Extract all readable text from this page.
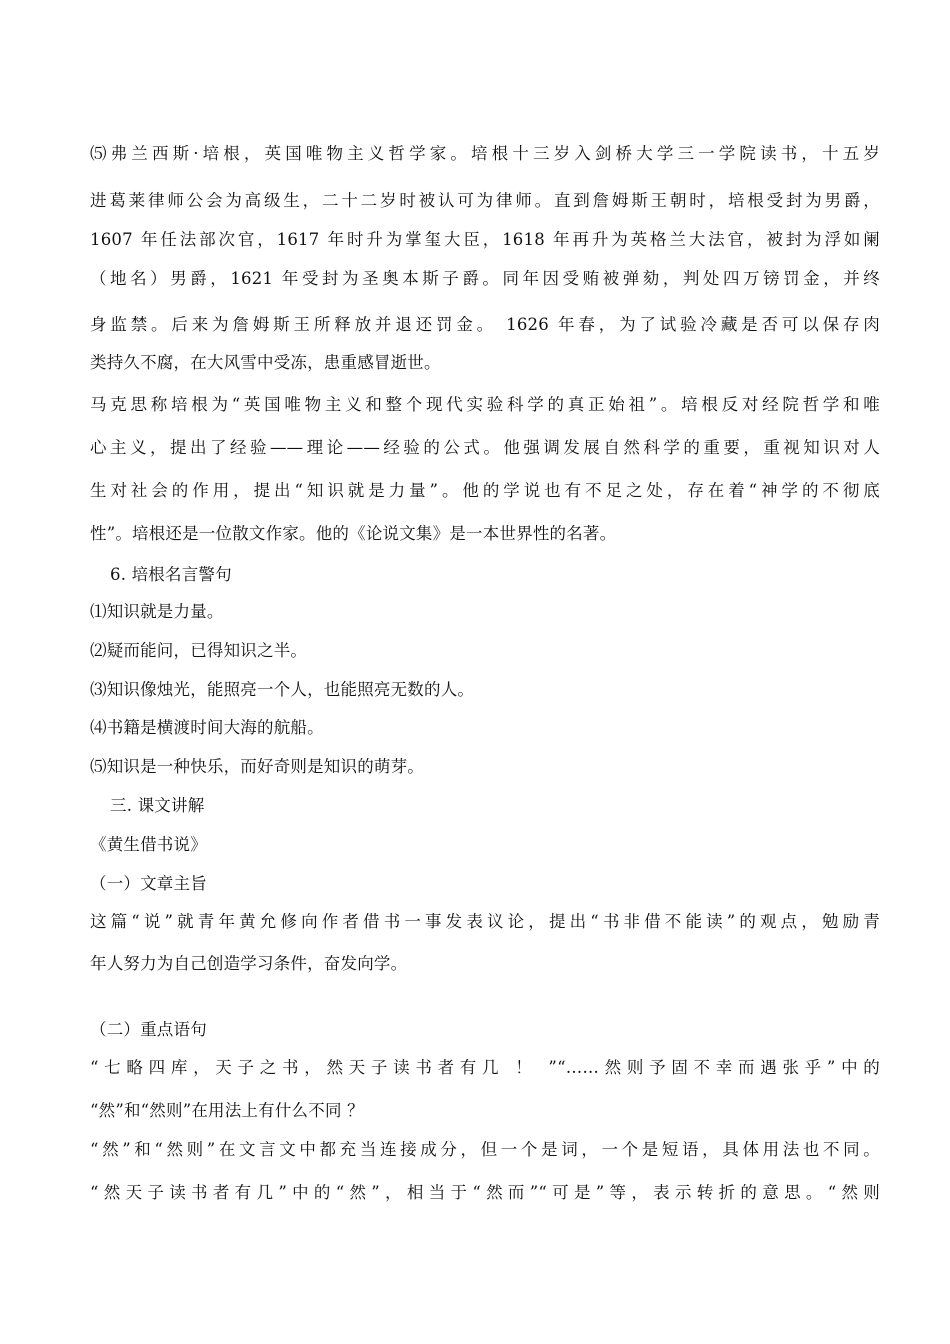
⑸弗兰西斯·培根，英国唯物主义哲学家。培根十三岁入剑桥大学三一学院读书，十五岁
进葛莱律师公会为高级生，二十二岁时被认可为律师。直到詹姆斯王朝时，培根受封为男爵，
1607 年任法部次官，1617 年时升为掌玺大臣，1618 年再升为英格兰大法官，被封为浮如阑
（地名）男爵，1621 年受封为圣奥本斯子爵。同年因受贿被弹劾，判处四万镑罚金，并终
身监禁。后来为詹姆斯王所释放并退还罚金。 1626 年春，为了试验冷藏是否可以保存肉
类持久不腐，在大风雪中受冻，患重感冒逝世。
马克思称培根为“英国唯物主义和整个现代实验科学的真正始祖”。培根反对经院哲学和唯
心主义，提出了经验——理论——经验的公式。他强调发展自然科学的重要，重视知识对人
生对社会的作用，提出“知识就是力量”。他的学说也有不足之处，存在着“神学的不彻底
性”。培根还是一位散文作家。他的《论说文集》是一本世界性的名著。
6. 培根名言警句
⑴知识就是力量。
⑵疑而能问，已得知识之半。
⑶知识像烛光，能照亮一个人，也能照亮无数的人。
⑷书籍是横渡时间大海的航船。
⑸知识是一种快乐，而好奇则是知识的萌芽。
三. 课文讲解
《黄生借书说》
（一）文章主旨
这篇“说”就青年黄允修向作者借书一事发表议论，提出“书非借不能读”的观点，勉励青
年人努力为自己创造学习条件，奋发向学。
（二）重点语句
“七略四库，天子之书，然天子读书者有几 ！ ”“……然则予固不幸而遇张乎”中的
“然”和“然则”在用法上有什么不同 ？
“然”和“然则”在文言文中都充当连接成分，但一个是词，一个是短语，具体用法也不同。
“然天子读书者有几”中的“然”，相当于“然而”“可是”等，表示转折的意思。“然则
